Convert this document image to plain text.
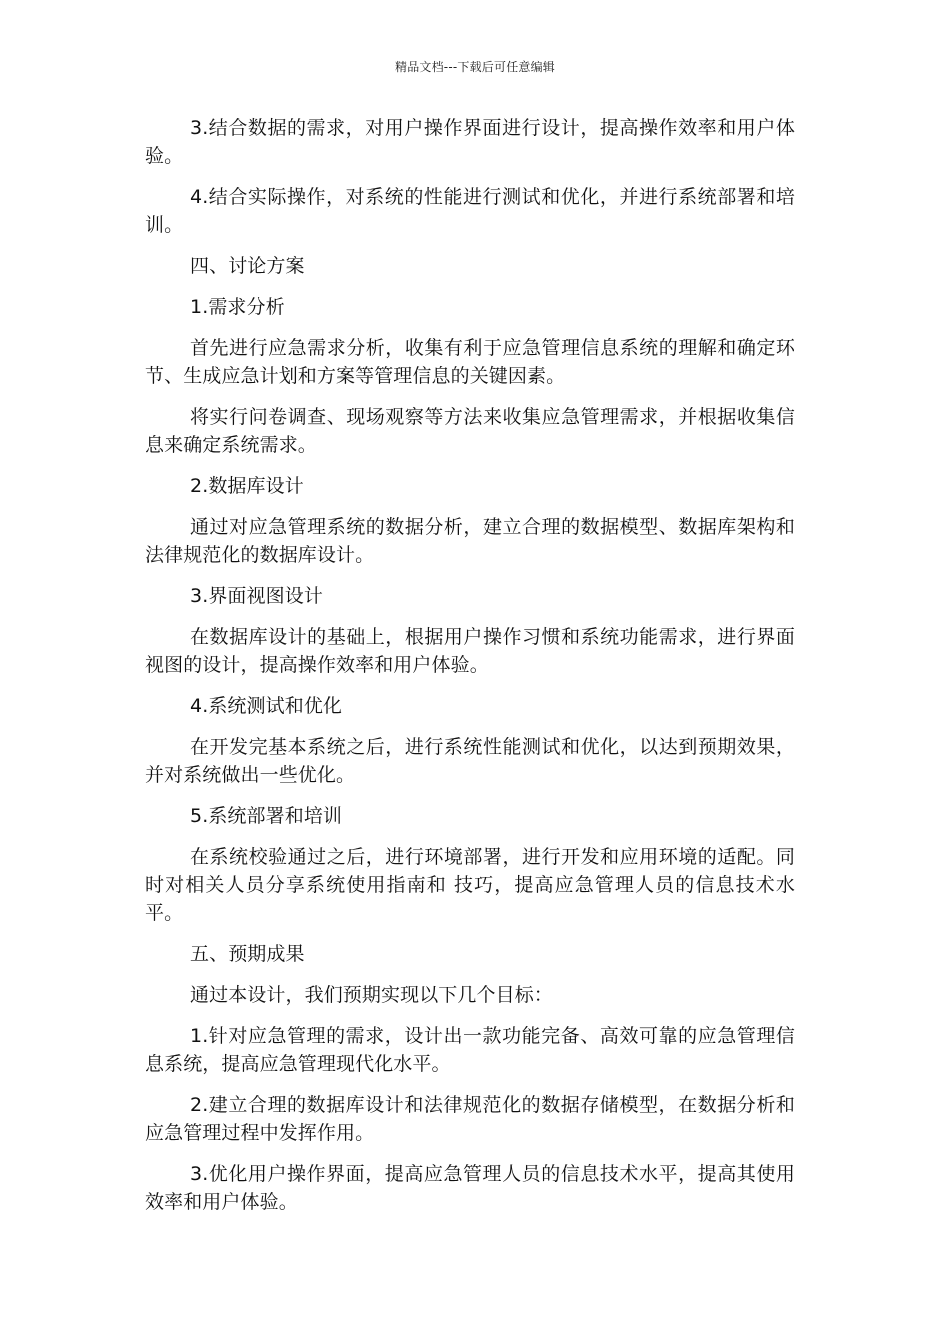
精品文档---下载后可任意编辑

3.结合数据的需求，对用户操作界面进行设计，提高操作效率和用户体验。

4.结合实际操作，对系统的性能进行测试和优化，并进行系统部署和培训。

四、讨论方案

1.需求分析

首先进行应急需求分析，收集有利于应急管理信息系统的理解和确定环节、生成应急计划和方案等管理信息的关键因素。

将实行问卷调查、现场观察等方法来收集应急管理需求，并根据收集信息来确定系统需求。

2.数据库设计

通过对应急管理系统的数据分析，建立合理的数据模型、数据库架构和法律规范化的数据库设计。

3.界面视图设计

在数据库设计的基础上，根据用户操作习惯和系统功能需求，进行界面视图的设计，提高操作效率和用户体验。

4.系统测试和优化

在开发完基本系统之后，进行系统性能测试和优化，以达到预期效果，并对系统做出一些优化。

5.系统部署和培训

在系统校验通过之后，进行环境部署，进行开发和应用环境的适配。同时对相关人员分享系统使用指南和 技巧，提高应急管理人员的信息技术水平。

五、预期成果

通过本设计，我们预期实现以下几个目标：

1.针对应急管理的需求，设计出一款功能完备、高效可靠的应急管理信息系统，提高应急管理现代化水平。

2.建立合理的数据库设计和法律规范化的数据存储模型，在数据分析和应急管理过程中发挥作用。

3.优化用户操作界面，提高应急管理人员的信息技术水平，提高其使用效率和用户体验。
